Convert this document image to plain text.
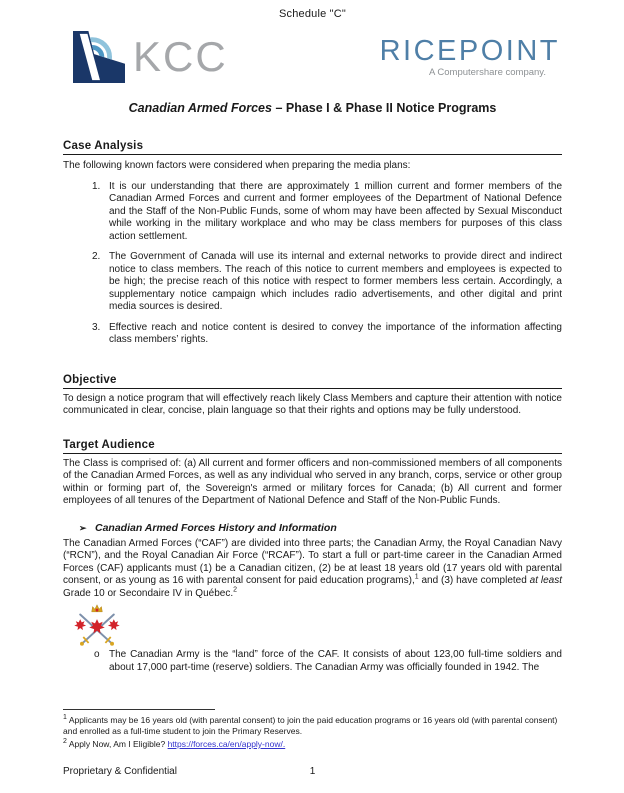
Schedule "C"
KCC	RICEPOINT
A Computershare company.
Canadian Armed Forces – Phase I & Phase II Notice Programs
Case Analysis
The following known factors were considered when preparing the media plans:
1. It is our understanding that there are approximately 1 million current and former members of the Canadian Armed Forces and current and former employees of the Department of National Defence and the Staff of the Non-Public Funds, some of whom may have been affected by Sexual Misconduct while working in the military workplace and who may be class members for purposes of this class action settlement.
2. The Government of Canada will use its internal and external networks to provide direct and indirect notice to class members. The reach of this notice to current members and employees is expected to be high; the precise reach of this notice with respect to former members less certain. Accordingly, a supplementary notice campaign which includes radio advertisements, and other digital and print media sources is desired.
3. Effective reach and notice content is desired to convey the importance of the information affecting class members’ rights.
Objective
To design a notice program that will effectively reach likely Class Members and capture their attention with notice communicated in clear, concise, plain language so that their rights and options may be fully understood.
Target Audience
The Class is comprised of: (a) All current and former officers and non-commissioned members of all components of the Canadian Armed Forces, as well as any individual who served in any branch, corps, service or other group within or forming part of, the Sovereign's armed or military forces for Canada; (b) All current and former employees of all tenures of the Department of National Defence and Staff of the Non-Public Funds.
➢ Canadian Armed Forces History and Information
The Canadian Armed Forces (“CAF”) are divided into three parts; the Canadian Army, the Royal Canadian Navy (“RCN”), and the Royal Canadian Air Force (“RCAF”). To start a full or part-time career in the Canadian Armed Forces (CAF) applicants must (1) be a Canadian citizen, (2) be at least 18 years old (17 years old with parental consent, or as young as 16 with parental consent for paid education programs),$^1$ and (3) have completed at least Grade 10 or Secondaire IV in Québec.$^2$
o The Canadian Army is the “land” force of the CAF. It consists of about 123,00 full-time soldiers and about 17,000 part-time (reserve) soldiers. The Canadian Army was officially founded in 1942. The
$^1$ Applicants may be 16 years old (with parental consent) to join the paid education programs or 16 years old (with parental consent) and enrolled as a full-time student to join the Primary Reserves.
$^2$ Apply Now, Am I Eligible? https://forces.ca/en/apply-now/.
Proprietary & Confidential	1
